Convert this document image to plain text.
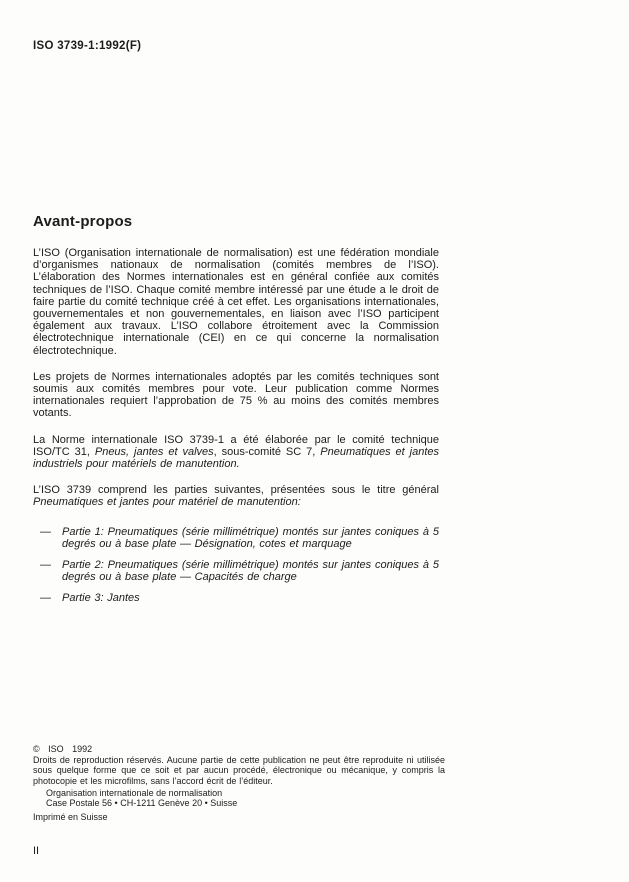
ISO 3739-1:1992(F)
Avant-propos

L’ISO (Organisation internationale de normalisation) est une fédération mondiale d’organismes nationaux de normalisation (comités membres de l’ISO). L’élaboration des Normes internationales est en général confiée aux comités techniques de l’ISO. Chaque comité membre intéressé par une étude a le droit de faire partie du comité technique créé à cet effet. Les organisations internationales, gouvernementales et non gouvernementales, en liaison avec l’ISO participent également aux travaux. L’ISO collabore étroitement avec la Commission électrotechnique internationale (CEI) en ce qui concerne la normalisation électrotechnique.

Les projets de Normes internationales adoptés par les comités techniques sont soumis aux comités membres pour vote. Leur publication comme Normes internationales requiert l’approbation de 75 % au moins des comités membres votants.

La Norme internationale ISO 3739-1 a été élaborée par le comité technique ISO/TC 31, Pneus, jantes et valves, sous-comité SC 7, Pneumatiques et jantes industriels pour matériels de manutention.

L’ISO 3739 comprend les parties suivantes, présentées sous le titre général Pneumatiques et jantes pour matériel de manutention:

—	Partie 1: Pneumatiques (série millimétrique) montés sur jantes coniques à 5 degrés ou à base plate — Désignation, cotes et marquage
—	Partie 2: Pneumatiques (série millimétrique) montés sur jantes coniques à 5 degrés ou à base plate — Capacités de charge
—	Partie 3: Jantes
© ISO 1992
Droits de reproduction réservés. Aucune partie de cette publication ne peut être reproduite ni utilisée sous quelque forme que ce soit et par aucun procédé, électronique ou mécanique, y compris la photocopie et les microfilms, sans l’accord écrit de l’éditeur.
Organisation internationale de normalisation
Case Postale 56 • CH-1211 Genève 20 • Suisse
Imprimé en Suisse
II
